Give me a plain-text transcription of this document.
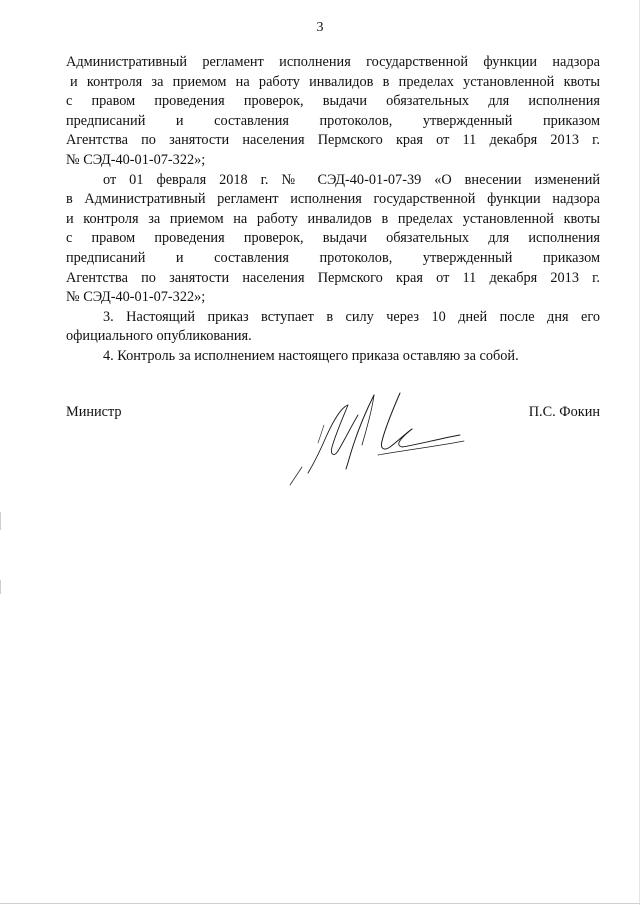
3
Административный регламент исполнения государственной функции надзора
и контроля за приемом на работу инвалидов в пределах установленной квоты
с правом проведения проверок, выдачи обязательных для исполнения
предписаний и составления протоколов, утвержденный приказом
Агентства по занятости населения Пермского края от 11 декабря 2013 г.
№ СЭД-40-01-07-322»;
от 01 февраля 2018 г. № СЭД-40-01-07-39 «О внесении изменений
в Административный регламент исполнения государственной функции надзора
и контроля за приемом на работу инвалидов в пределах установленной квоты
с правом проведения проверок, выдачи обязательных для исполнения
предписаний и составления протоколов, утвержденный приказом
Агентства по занятости населения Пермского края от 11 декабря 2013 г.
№ СЭД-40-01-07-322»;
3. Настоящий приказ вступает в силу через 10 дней после дня его
официального опубликования.
4. Контроль за исполнением настоящего приказа оставляю за собой.
Министр	П.С. Фокин
